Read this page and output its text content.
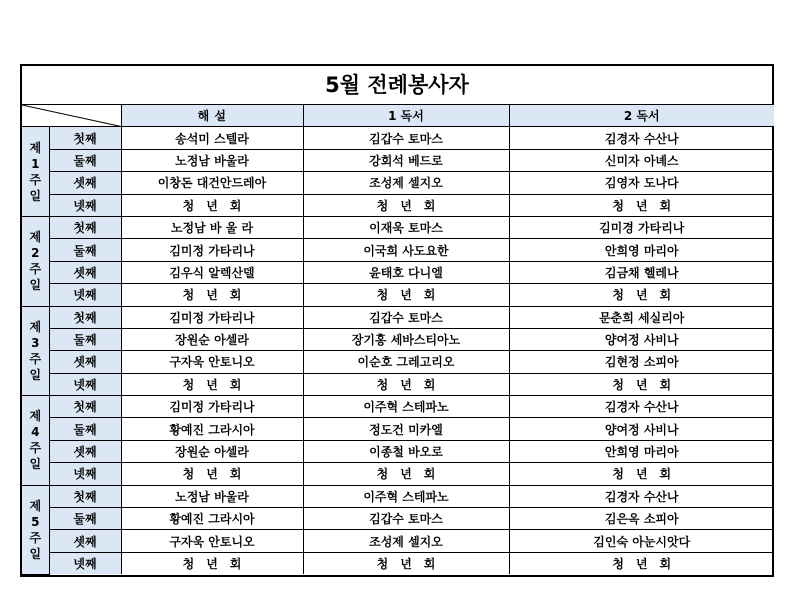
5월 전례봉사자
	해 설	1 독서	2 독서

제
1
주
일	첫째	송석미 스텔라	김갑수 토마스	김경자 수산나
	둘째	노정남 바울라	강회석 베드로	신미자 아녜스
	셋째	이창돈 대건안드레아	조성제 셀지오	김영자 도나다
	넷째	청　년　회	청　년　회	청　년　회

제
2
주
일	첫째	노정남 바 울 라	이재욱 토마스	김미경 가타리나
	둘째	김미정 가타리나	이국희 사도요한	안희영 마리아
	셋째	김우식 알렉산델	윤태호 다니엘	김금채 헬레나
	넷째	청　년　회	청　년　회	청　년　회

제
3
주
일	첫째	김미정 가타리나	김갑수 토마스	문춘희 세실리아
	둘째	장원순 아셀라	장기홍 세바스티아노	양여정 사비나
	셋째	구자욱 안토니오	이순호 그레고리오	김현정 소피아
	넷째	청　년　회	청　년　회	청　년　회

제
4
주
일	첫째	김미정 가타리나	이주혁 스테파노	김경자 수산나
	둘째	황예진 그라시아	정도건 미카엘	양여정 사비나
	셋째	장원순 아셀라	이종철 바오로	안희영 마리아
	넷째	청　년　회	청　년　회	청　년　회

제
5
주
일	첫째	노정남 바울라	이주혁 스테파노	김경자 수산나
	둘째	황예진 그라시아	김갑수 토마스	김은옥 소피아
	셋째	구자욱 안토니오	조성제 셀지오	김인숙 아눈시앗다
	넷째	청　년　회	청　년　회	청　년　회
